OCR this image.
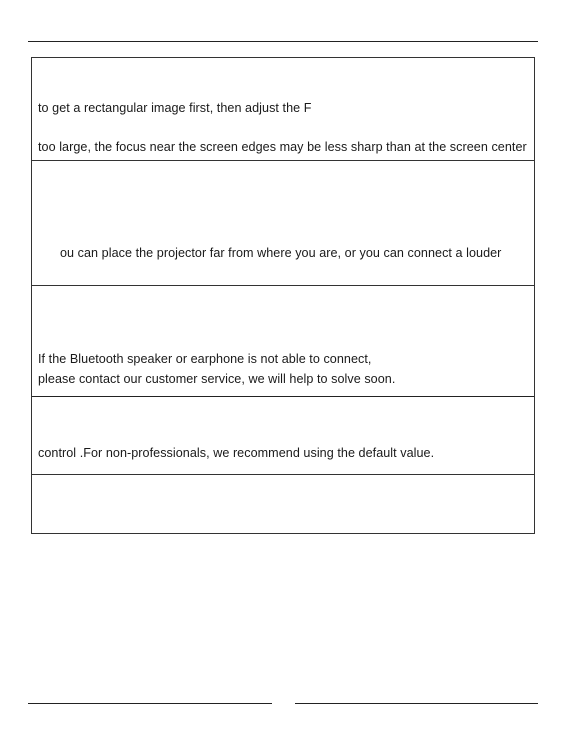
to get a rectangular image first, then adjust the F
too large, the focus near the screen edges may be less sharp than at the screen center
ou can place the projector far from where you are, or you can connect a louder
If the Bluetooth speaker or earphone is not able to connect,
please contact our customer service, we will help to solve soon.
control .For non-professionals, we recommend using the default value.
